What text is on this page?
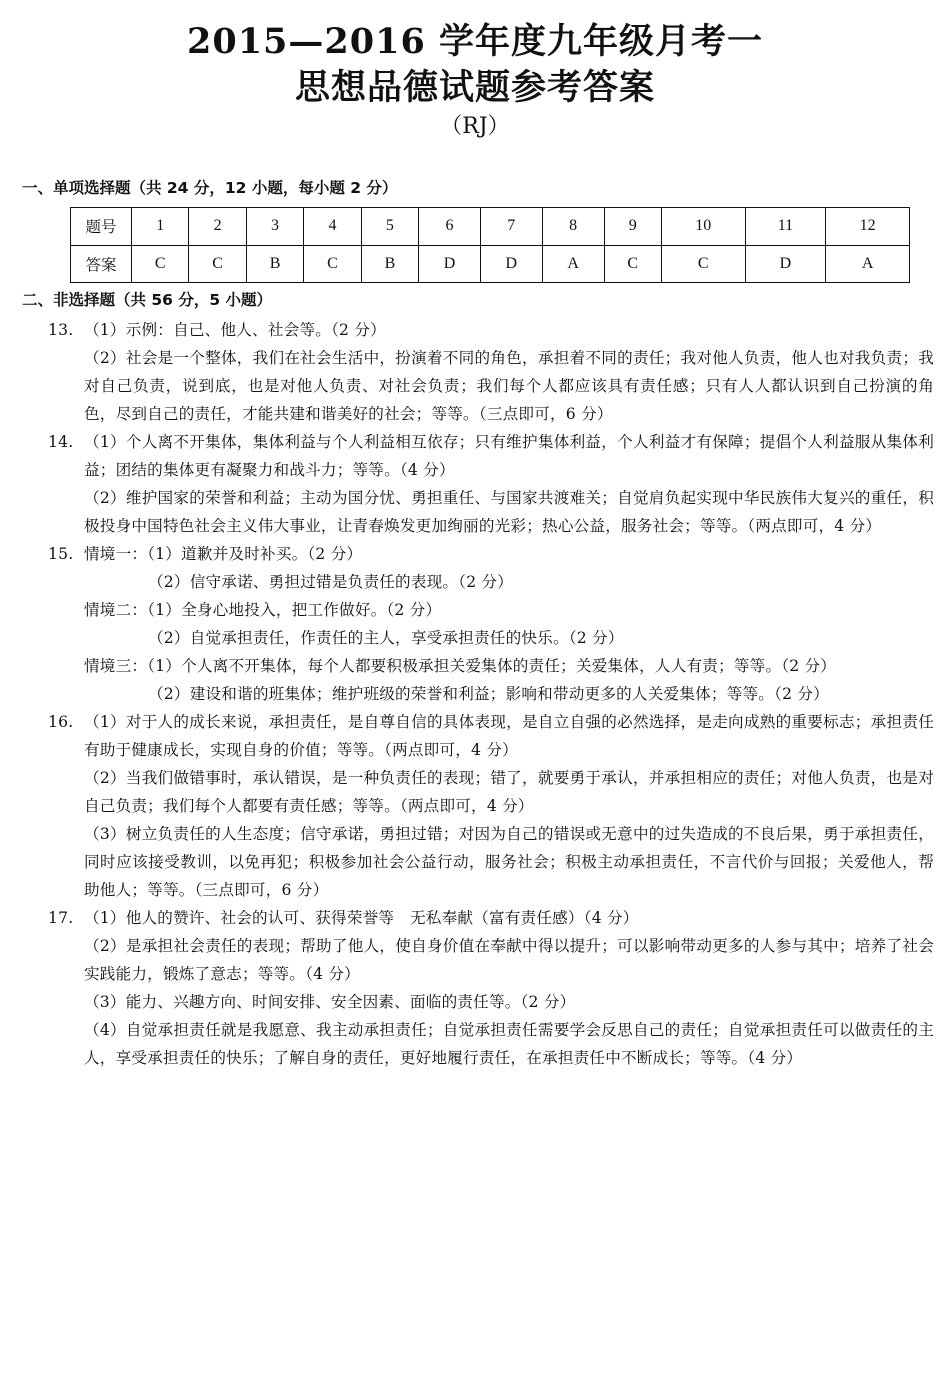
2015—2016 学年度九年级月考一
思想品德试题参考答案
（RJ）
一、单项选择题（共 24 分，12 小题，每小题 2 分）
题号	1	2	3	4	5	6	7	8	9	10	11	12
答案	C	C	B	C	B	D	D	A	C	C	D	A
二、非选择题（共 56 分，5 小题）
13. （1）示例：自己、他人、社会等。（2 分）
（2）社会是一个整体，我们在社会生活中，扮演着不同的角色，承担着不同的责任；我对他人负责，他人也对我负责；我对自己负责，说到底，也是对他人负责、对社会负责；我们每个人都应该具有责任感；只有人人都认识到自己扮演的角色，尽到自己的责任，才能共建和谐美好的社会；等等。（三点即可，6 分）
14. （1）个人离不开集体，集体利益与个人利益相互依存；只有维护集体利益，个人利益才有保障；提倡个人利益服从集体利益；团结的集体更有凝聚力和战斗力；等等。（4 分）
（2）维护国家的荣誉和利益；主动为国分忧、勇担重任、与国家共渡难关；自觉肩负起实现中华民族伟大复兴的重任，积极投身中国特色社会主义伟大事业，让青春焕发更加绚丽的光彩；热心公益，服务社会；等等。（两点即可，4 分）
15. 情境一：（1）道歉并及时补买。（2 分）
（2）信守承诺、勇担过错是负责任的表现。（2 分）
情境二：（1）全身心地投入，把工作做好。（2 分）
（2）自觉承担责任，作责任的主人，享受承担责任的快乐。（2 分）
情境三：（1）个人离不开集体，每个人都要积极承担关爱集体的责任；关爱集体，人人有责；等等。（2 分）
（2）建设和谐的班集体；维护班级的荣誉和利益；影响和带动更多的人关爱集体；等等。（2 分）
16. （1）对于人的成长来说，承担责任，是自尊自信的具体表现，是自立自强的必然选择，是走向成熟的重要标志；承担责任有助于健康成长，实现自身的价值；等等。（两点即可，4 分）
（2）当我们做错事时，承认错误，是一种负责任的表现；错了，就要勇于承认，并承担相应的责任；对他人负责，也是对自己负责；我们每个人都要有责任感；等等。（两点即可，4 分）
（3）树立负责任的人生态度；信守承诺，勇担过错；对因为自己的错误或无意中的过失造成的不良后果，勇于承担责任，同时应该接受教训，以免再犯；积极参加社会公益行动，服务社会；积极主动承担责任，不言代价与回报；关爱他人，帮助他人；等等。（三点即可，6 分）
17. （1）他人的赞许、社会的认可、获得荣誉等　无私奉献（富有责任感）（4 分）
（2）是承担社会责任的表现；帮助了他人，使自身价值在奉献中得以提升；可以影响带动更多的人参与其中；培养了社会实践能力，锻炼了意志；等等。（4 分）
（3）能力、兴趣方向、时间安排、安全因素、面临的责任等。（2 分）
（4）自觉承担责任就是我愿意、我主动承担责任；自觉承担责任需要学会反思自己的责任；自觉承担责任可以做责任的主人，享受承担责任的快乐；了解自身的责任，更好地履行责任，在承担责任中不断成长；等等。（4 分）
